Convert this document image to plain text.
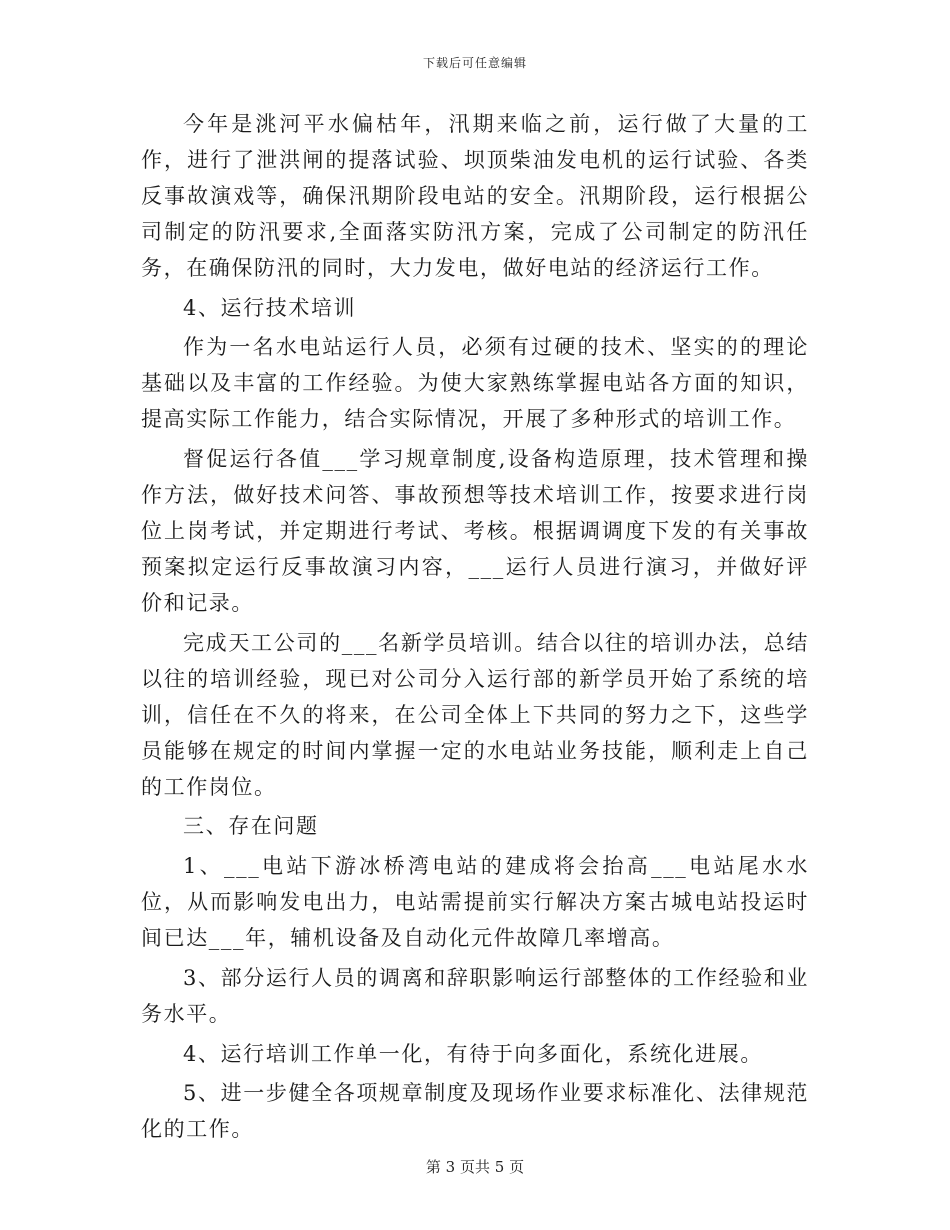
下载后可任意编辑

今年是洮河平水偏枯年，汛期来临之前，运行做了大量的工作，进行了泄洪闸的提落试验、坝顶柴油发电机的运行试验、各类反事故演戏等，确保汛期阶段电站的安全。汛期阶段，运行根据公司制定的防汛要求,全面落实防汛方案，完成了公司制定的防汛任务，在确保防汛的同时，大力发电，做好电站的经济运行工作。

4、运行技术培训

作为一名水电站运行人员，必须有过硬的技术、坚实的的理论基础以及丰富的工作经验。为使大家熟练掌握电站各方面的知识，提高实际工作能力，结合实际情况，开展了多种形式的培训工作。

督促运行各值___学习规章制度,设备构造原理，技术管理和操作方法，做好技术问答、事故预想等技术培训工作，按要求进行岗位上岗考试，并定期进行考试、考核。根据调调度下发的有关事故预案拟定运行反事故演习内容，___运行人员进行演习，并做好评价和记录。

完成天工公司的___名新学员培训。结合以往的培训办法，总结以往的培训经验，现已对公司分入运行部的新学员开始了系统的培训，信任在不久的将来，在公司全体上下共同的努力之下，这些学员能够在规定的时间内掌握一定的水电站业务技能，顺利走上自己的工作岗位。

三、存在问题

1、___电站下游冰桥湾电站的建成将会抬高___电站尾水水位，从而影响发电出力，电站需提前实行解决方案古城电站投运时间已达___年，辅机设备及自动化元件故障几率增高。

3、部分运行人员的调离和辞职影响运行部整体的工作经验和业务水平。

4、运行培训工作单一化，有待于向多面化，系统化进展。

5、进一步健全各项规章制度及现场作业要求标准化、法律规范化的工作。

第 3 页共 5 页
